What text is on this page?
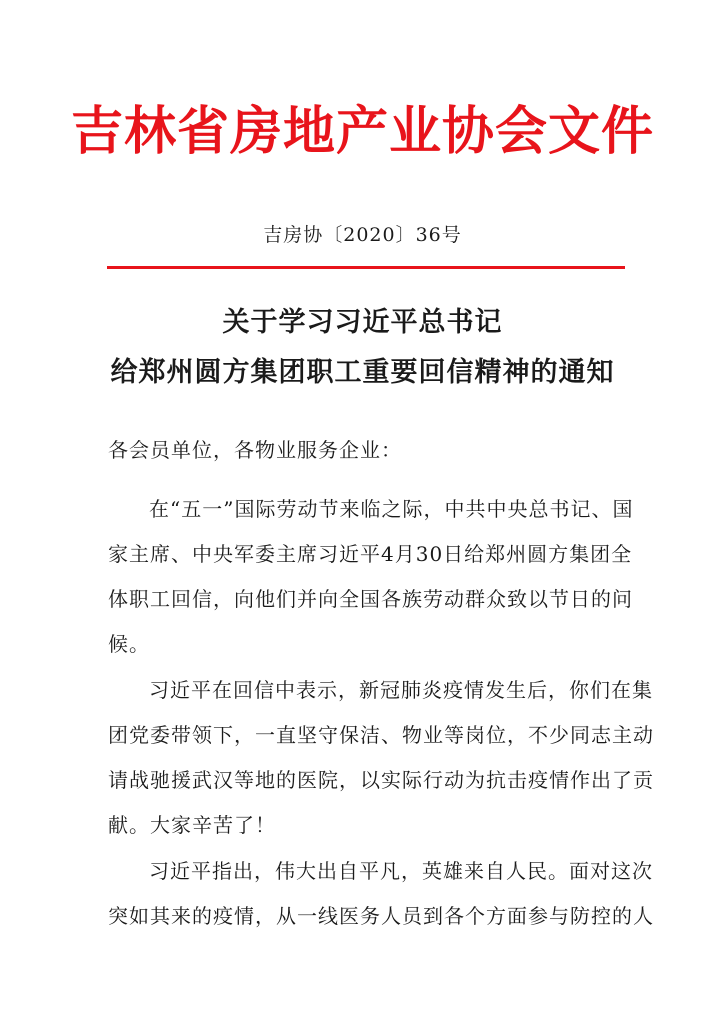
吉林省房地产业协会文件
吉房协〔2020〕36号
关于学习习近平总书记
给郑州圆方集团职工重要回信精神的通知
各会员单位，各物业服务企业：
在“五一”国际劳动节来临之际，中共中央总书记、国
家主席、中央军委主席习近平4月30日给郑州圆方集团全
体职工回信，向他们并向全国各族劳动群众致以节日的问
候。
习近平在回信中表示，新冠肺炎疫情发生后，你们在集
团党委带领下，一直坚守保洁、物业等岗位，不少同志主动
请战驰援武汉等地的医院，以实际行动为抗击疫情作出了贡
献。大家辛苦了！
习近平指出，伟大出自平凡，英雄来自人民。面对这次
突如其来的疫情，从一线医务人员到各个方面参与防控的人
